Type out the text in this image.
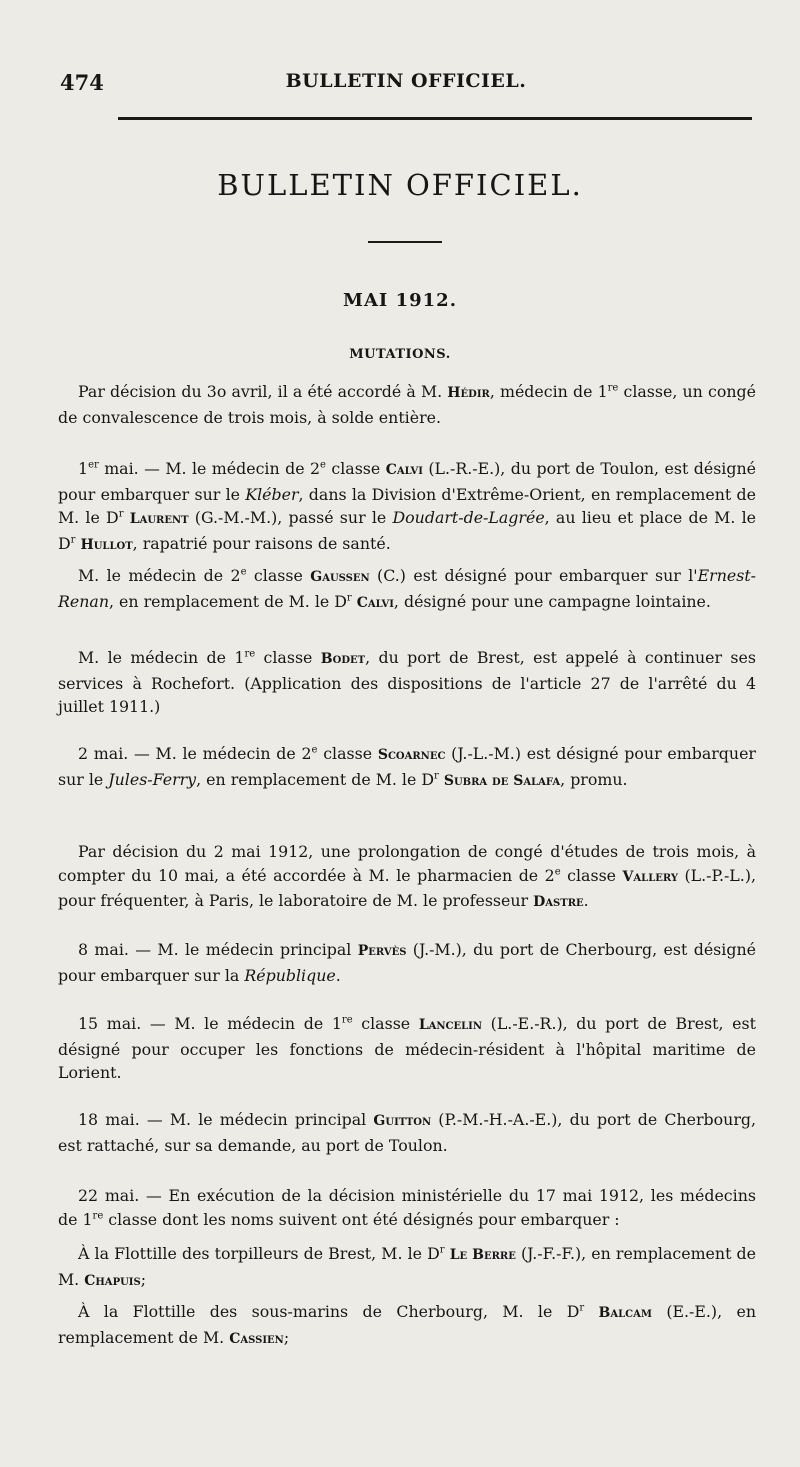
474	BULLETIN OFFICIEL.
BULLETIN OFFICIEL.
MAI 1912.
MUTATIONS.

Par décision du 3o avril, il a été accordé à M. Hédir, médecin de 1re classe, un congé de convalescence de trois mois, à solde entière.

1er mai. — M. le médecin de 2e classe Calvi (L.-R.-E.), du port de Toulon, est désigné pour embarquer sur le Kléber, dans la Division d'Extrême-Orient, en remplacement de M. le $D^r$ Laurent (G.-M.-M.), passé sur le Doudart-de-Lagrée, au lieu et place de M. le $D^r$ Hullot, rapatrié pour raisons de santé.

M. le médecin de 2e classe Gaussen (C.) est désigné pour embarquer sur l'Ernest-Renan, en remplacement de M. le $D^r$ Calvi, désigné pour une campagne lointaine.

M. le médecin de 1re classe Bodet, du port de Brest, est appelé à continuer ses services à Rochefort. (Application des dispositions de l'article 27 de l'arrêté du 4 juillet 1911.)

2 mai. — M. le médecin de 2e classe Scoarnec (J.-L.-M.) est désigné pour embarquer sur le Jules-Ferry, en remplacement de M. le $D^r$ Subra de Salafa, promu.

Par décision du 2 mai 1912, une prolongation de congé d'études de trois mois, à compter du 10 mai, a été accordée à M. le pharmacien de 2e classe Vallery (L.-P.-L.), pour fréquenter, à Paris, le laboratoire de M. le professeur Dastre.

8 mai. — M. le médecin principal Pervès (J.-M.), du port de Cherbourg, est désigné pour embarquer sur la République.

15 mai. — M. le médecin de 1re classe Lancelin (L.-E.-R.), du port de Brest, est désigné pour occuper les fonctions de médecin-résident à l'hôpital maritime de Lorient.

18 mai. — M. le médecin principal Guitton (P.-M.-H.-A.-E.), du port de Cherbourg, est rattaché, sur sa demande, au port de Toulon.

22 mai. — En exécution de la décision ministérielle du 17 mai 1912, les médecins de 1re classe dont les noms suivent ont été désignés pour embarquer :

À la Flottille des torpilleurs de Brest, M. le $D^r$ Le Berre (J.-F.-F.), en remplacement de M. Chapuis;

À la Flottille des sous-marins de Cherbourg, M. le $D^r$ Balcam (E.-E.), en remplacement de M. Cassien;
